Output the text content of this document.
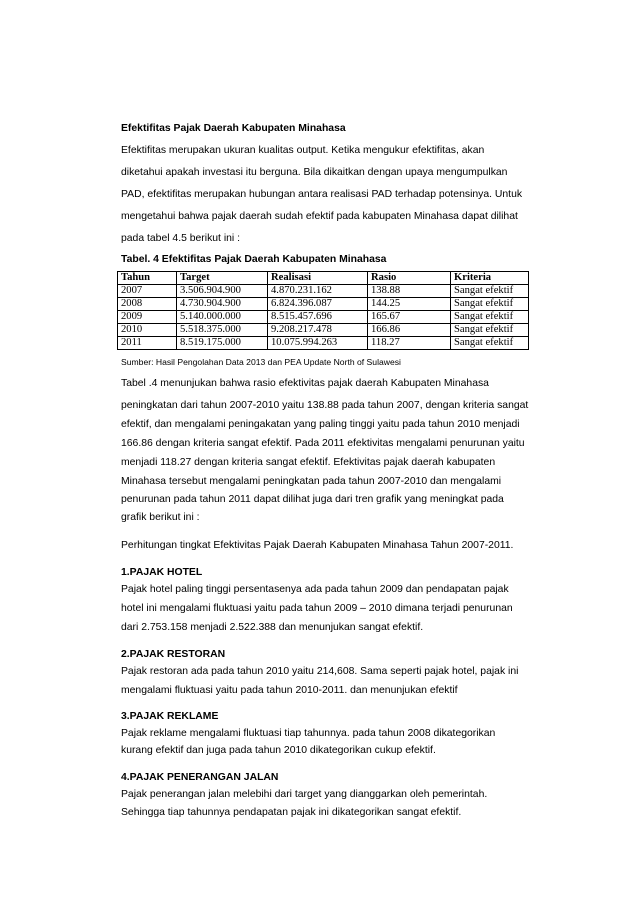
Efektifitas Pajak Daerah Kabupaten Minahasa
Efektifitas merupakan ukuran kualitas output. Ketika mengukur efektifitas, akan
diketahui apakah investasi itu berguna. Bila dikaitkan dengan upaya mengumpulkan
PAD, efektifitas merupakan hubungan antara realisasi PAD terhadap potensinya. Untuk
mengetahui bahwa pajak daerah sudah efektif pada kabupaten Minahasa dapat dilihat
pada tabel 4.5 berikut ini :
Tabel. 4 Efektifitas Pajak Daerah Kabupaten Minahasa
Tahun	Target	Realisasi	Rasio	Kriteria
2007	3.506.904.900	4.870.231.162	138.88	Sangat efektif
2008	4.730.904.900	6.824.396.087	144.25	Sangat efektif
2009	5.140.000.000	8.515.457.696	165.67	Sangat efektif
2010	5.518.375.000	9.208.217.478	166.86	Sangat efektif
2011	8.519.175.000	10.075.994.263	118.27	Sangat efektif
Sumber: Hasil Pengolahan Data 2013 dan PEA Update North of Sulawesi
Tabel .4 menunjukan bahwa rasio efektivitas pajak daerah Kabupaten Minahasa
peningkatan dari tahun 2007-2010 yaitu 138.88 pada tahun 2007, dengan kriteria sangat
efektif, dan mengalami peningakatan yang paling tinggi yaitu pada tahun 2010 menjadi
166.86 dengan kriteria sangat efektif. Pada 2011 efektivitas mengalami penurunan yaitu
menjadi 118.27 dengan kriteria sangat efektif. Efektivitas pajak daerah kabupaten
Minahasa tersebut mengalami peningkatan pada tahun 2007-2010 dan mengalami
penurunan pada tahun 2011 dapat dilihat juga dari tren grafik yang meningkat pada
grafik berikut ini :
Perhitungan tingkat Efektivitas Pajak Daerah Kabupaten Minahasa Tahun 2007-2011.
1.PAJAK HOTEL
Pajak hotel paling tinggi persentasenya ada pada tahun 2009 dan pendapatan pajak
hotel ini mengalami fluktuasi yaitu pada tahun 2009 – 2010 dimana terjadi penurunan
dari 2.753.158 menjadi 2.522.388 dan menunjukan sangat efektif.
2.PAJAK RESTORAN
Pajak restoran ada pada tahun 2010 yaitu 214,608. Sama seperti pajak hotel, pajak ini
mengalami fluktuasi yaitu pada tahun 2010-2011. dan menunjukan efektif
3.PAJAK REKLAME
Pajak reklame mengalami fluktuasi tiap tahunnya. pada tahun 2008 dikategorikan
kurang efektif dan juga pada tahun 2010 dikategorikan cukup efektif.
4.PAJAK PENERANGAN JALAN
Pajak penerangan jalan melebihi dari target yang dianggarkan oleh pemerintah.
Sehingga tiap tahunnya pendapatan pajak ini dikategorikan sangat efektif.
